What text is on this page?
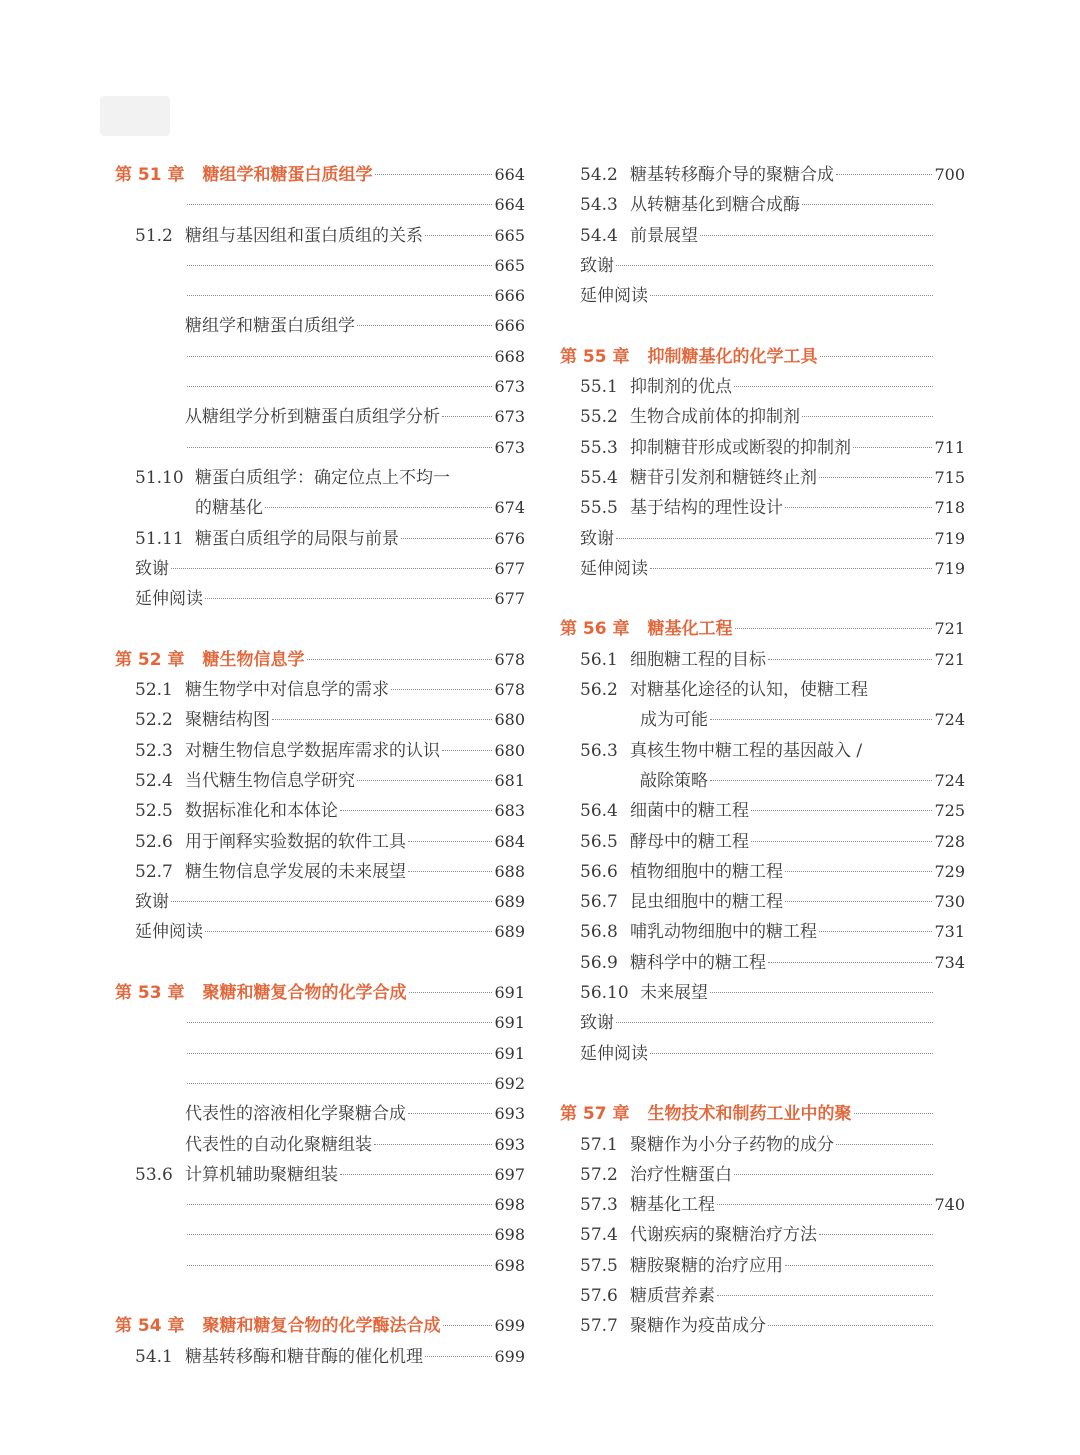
第 51 章 糖组学和糖蛋白质组学	664
664
51.2 糖组与基因组和蛋白质组的关系	665
665
666
糖组学和糖蛋白质组学	666
668
673
从糖组学分析到糖蛋白质组学分析	673
673
51.10 糖蛋白质组学：确定位点上不均一
的糖基化	674
51.11 糖蛋白质组学的局限与前景	676
致谢	677
延伸阅读	677
第 52 章 糖生物信息学	678
52.1 糖生物学中对信息学的需求	678
52.2 聚糖结构图	680
52.3 对糖生物信息学数据库需求的认识	680
52.4 当代糖生物信息学研究	681
52.5 数据标准化和本体论	683
52.6 用于阐释实验数据的软件工具	684
52.7 糖生物信息学发展的未来展望	688
致谢	689
延伸阅读	689
第 53 章 聚糖和糖复合物的化学合成	691
691
691
692
代表性的溶液相化学聚糖合成	693
代表性的自动化聚糖组装	693
53.6 计算机辅助聚糖组装	697
698
698
698
第 54 章 聚糖和糖复合物的化学酶法合成	699
54.1 糖基转移酶和糖苷酶的催化机理	699
54.2 糖基转移酶介导的聚糖合成	700
54.3 从转糖基化到糖合成酶
54.4 前景展望
致谢
延伸阅读
第 55 章 抑制糖基化的化学工具
55.1 抑制剂的优点
55.2 生物合成前体的抑制剂
55.3 抑制糖苷形成或断裂的抑制剂	711
55.4 糖苷引发剂和糖链终止剂	715
55.5 基于结构的理性设计	718
致谢	719
延伸阅读	719
第 56 章 糖基化工程	721
56.1 细胞糖工程的目标	721
56.2 对糖基化途径的认知，使糖工程
成为可能	724
56.3 真核生物中糖工程的基因敲入 /
敲除策略	724
56.4 细菌中的糖工程	725
56.5 酵母中的糖工程	728
56.6 植物细胞中的糖工程	729
56.7 昆虫细胞中的糖工程	730
56.8 哺乳动物细胞中的糖工程	731
56.9 糖科学中的糖工程	734
56.10 未来展望
致谢
延伸阅读
第 57 章 生物技术和制药工业中的聚
57.1 聚糖作为小分子药物的成分
57.2 治疗性糖蛋白
57.3 糖基化工程	740
57.4 代谢疾病的聚糖治疗方法
57.5 糖胺聚糖的治疗应用
57.6 糖质营养素
57.7 聚糖作为疫苗成分
